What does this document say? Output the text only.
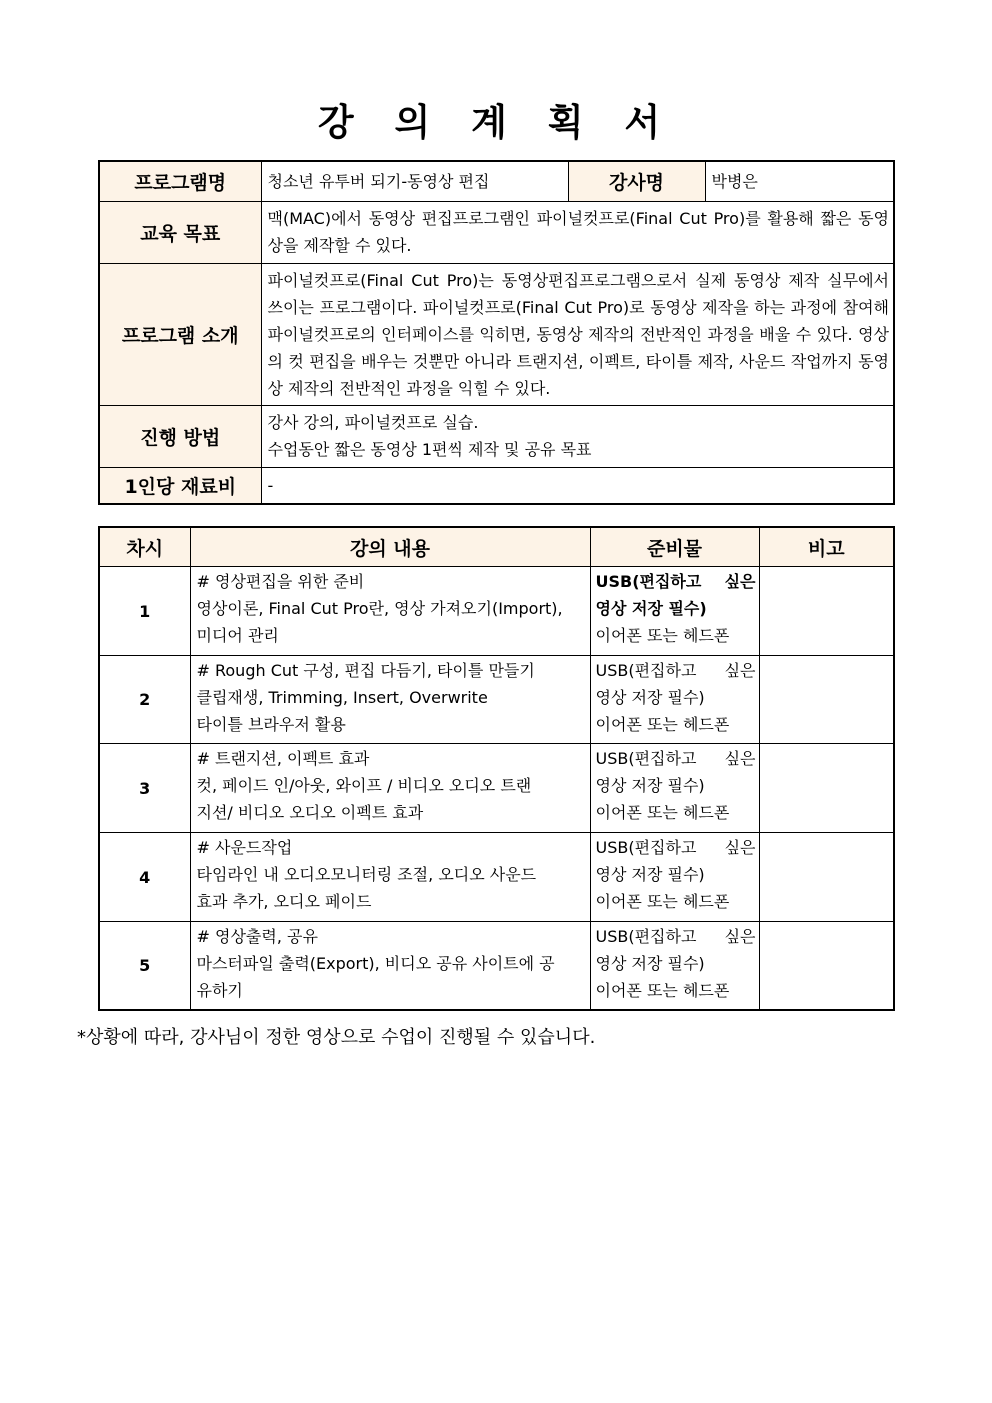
강 의 계 획 서
프로그램명	청소년 유투버 되기-동영상 편집	강사명	박병은
교육 목표	맥(MAC)에서 동영상 편집프로그램인 파이널컷프로(Final Cut Pro)를 활용해 짧은 동영상을 제작할 수 있다.		
프로그램 소개	파이널컷프로(Final Cut Pro)는 동영상편집프로그램으로서 실제 동영상 제작 실무에서 쓰이는 프로그램이다. 파이널컷프로(Final Cut Pro)로 동영상 제작을 하는 과정에 참여해 파이널컷프로의 인터페이스를 익히면, 동영상 제작의 전반적인 과정을 배울 수 있다. 영상의 컷 편집을 배우는 것뿐만 아니라 트랜지션, 이펙트, 타이틀 제작, 사운드 작업까지 동영상 제작의 전반적인 과정을 익힐 수 있다.		
진행 방법	강사 강의, 파이널컷프로 실습.
수업동안 짧은 동영상 1편씩 제작 및 공유 목표		

1인당 재료비	-		
차시	강의 내용	준비물	비고
1	# 영상편집을 위한 준비
영상이론, Final Cut Pro란, 영상 가져오기(Import),
미디어 관리	USB(편집하고 싶은
영상 저장 필수)
이어폰 또는 헤드폰	

2	# Rough Cut 구성, 편집 다듬기, 타이틀 만들기
클립재생, Trimming, Insert, Overwrite
타이틀 브라우저 활용	USB(편집하고 싶은
영상 저장 필수)
이어폰 또는 헤드폰	

3	# 트랜지션, 이펙트 효과
컷, 페이드 인/아웃, 와이프 / 비디오 오디오 트랜
지션/ 비디오 오디오 이펙트 효과	USB(편집하고 싶은
영상 저장 필수)
이어폰 또는 헤드폰	

4	# 사운드작업
타임라인 내 오디오모니터링 조절, 오디오 사운드
효과 추가, 오디오 페이드	USB(편집하고 싶은
영상 저장 필수)
이어폰 또는 헤드폰	

5	# 영상출력, 공유
마스터파일 출력(Export), 비디오 공유 사이트에 공
유하기	USB(편집하고 싶은
영상 저장 필수)
이어폰 또는 헤드폰	

*상황에 따라, 강사님이 정한 영상으로 수업이 진행될 수 있습니다.
